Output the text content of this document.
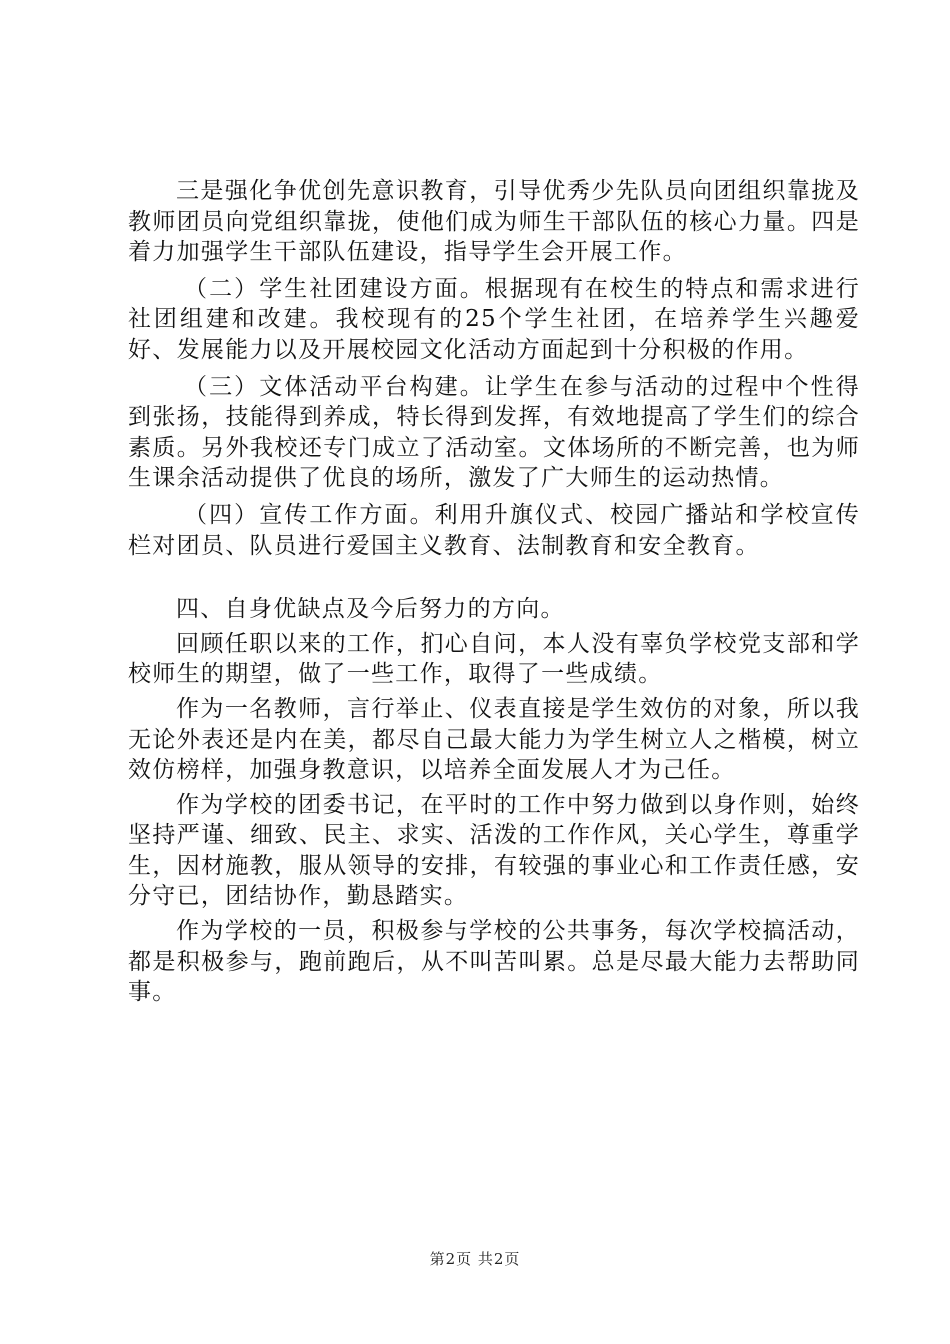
三是强化争优创先意识教育，引导优秀少先队员向团组织靠拢及教师团员向党组织靠拢，使他们成为师生干部队伍的核心力量。四是着力加强学生干部队伍建设，指导学生会开展工作。

（二）学生社团建设方面。根据现有在校生的特点和需求进行社团组建和改建。我校现有的25个学生社团，在培养学生兴趣爱好、发展能力以及开展校园文化活动方面起到十分积极的作用。

（三）文体活动平台构建。让学生在参与活动的过程中个性得到张扬，技能得到养成，特长得到发挥，有效地提高了学生们的综合素质。另外我校还专门成立了活动室。文体场所的不断完善，也为师生课余活动提供了优良的场所，激发了广大师生的运动热情。

（四）宣传工作方面。利用升旗仪式、校园广播站和学校宣传栏对团员、队员进行爱国主义教育、法制教育和安全教育。

四、自身优缺点及今后努力的方向。

回顾任职以来的工作，扪心自问，本人没有辜负学校党支部和学校师生的期望，做了一些工作，取得了一些成绩。

作为一名教师，言行举止、仪表直接是学生效仿的对象，所以我无论外表还是内在美，都尽自己最大能力为学生树立人之楷模，树立效仿榜样，加强身教意识，以培养全面发展人才为己任。

作为学校的团委书记，在平时的工作中努力做到以身作则，始终坚持严谨、细致、民主、求实、活泼的工作作风，关心学生，尊重学生，因材施教，服从领导的安排，有较强的事业心和工作责任感，安分守已，团结协作，勤恳踏实。

作为学校的一员，积极参与学校的公共事务，每次学校搞活动，都是积极参与，跑前跑后，从不叫苦叫累。总是尽最大能力去帮助同事。

第2页 共2页
